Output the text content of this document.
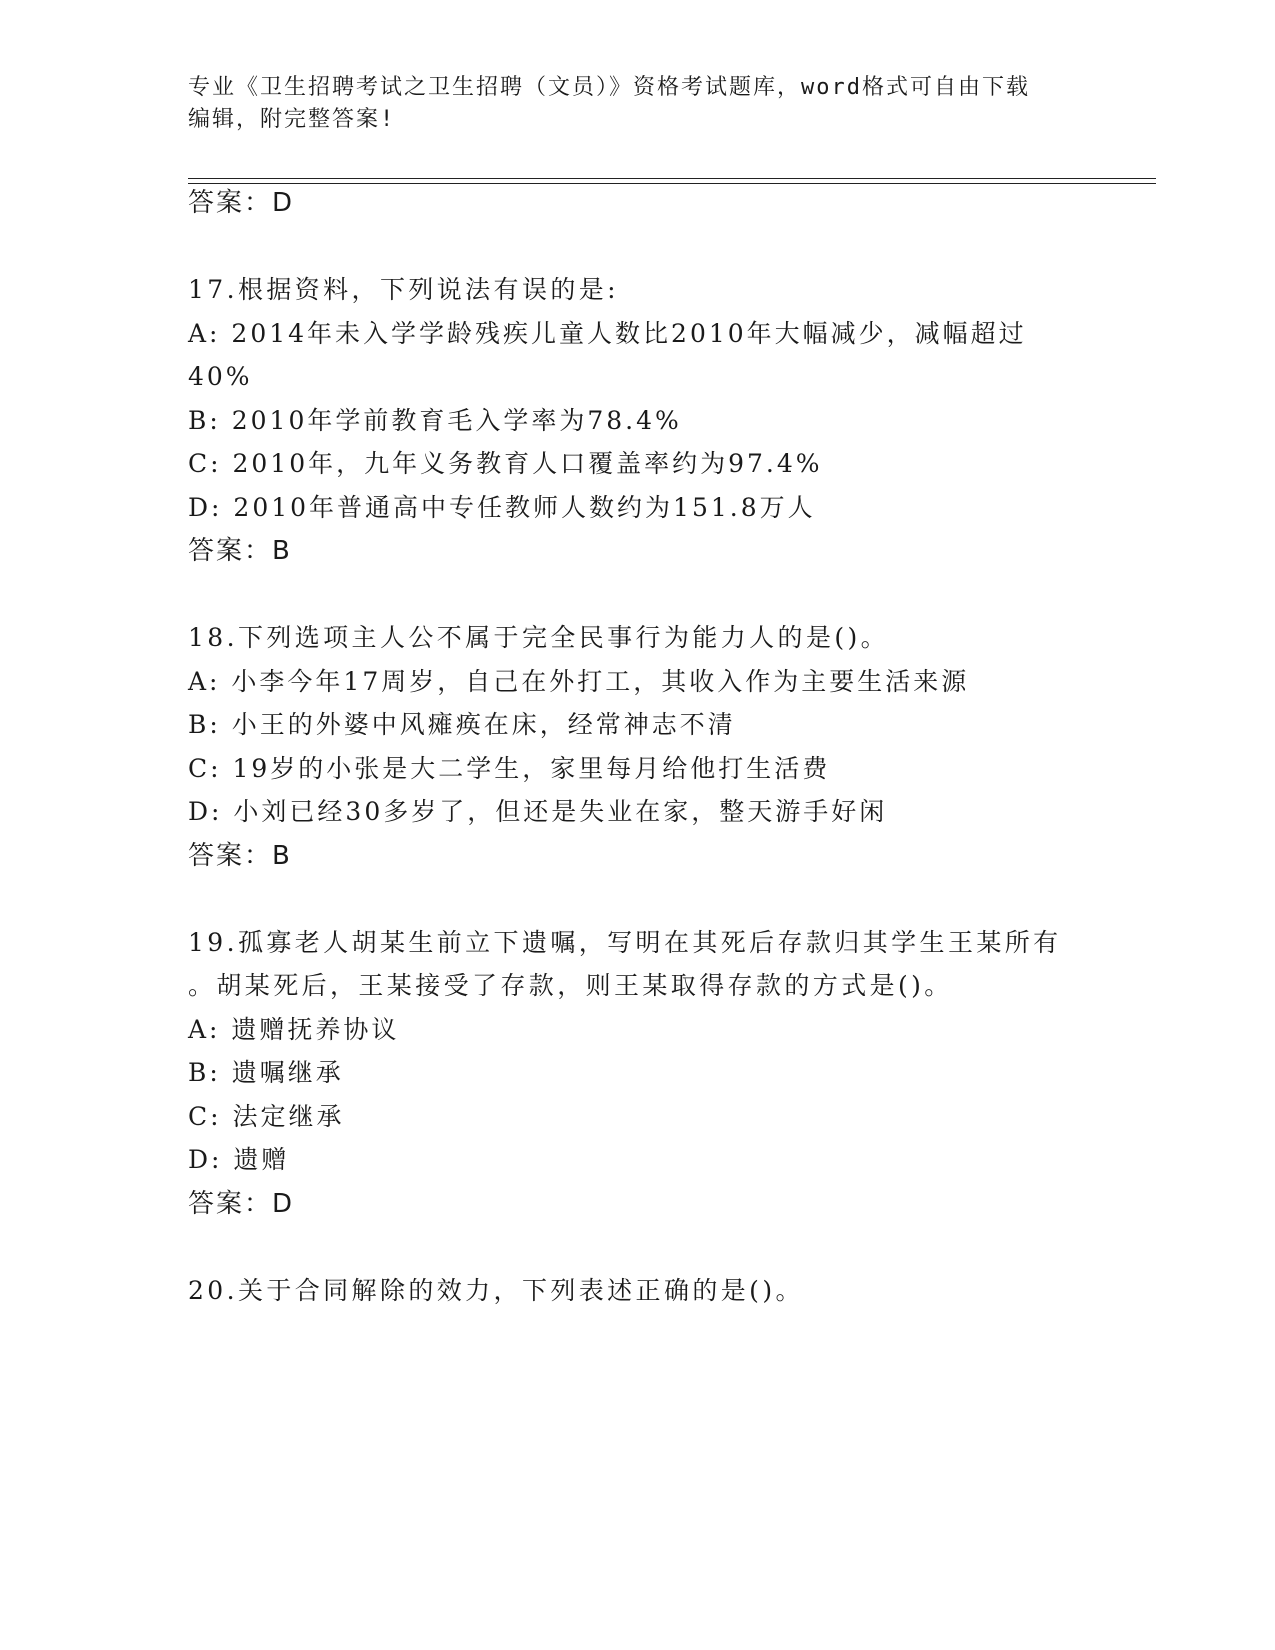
专业《卫生招聘考试之卫生招聘（文员）》资格考试题库，word格式可自由下载
编辑，附完整答案!
答案：D
17.根据资料，下列说法有误的是:
A: 2014年未入学学龄残疾儿童人数比2010年大幅减少，减幅超过
40%
B: 2010年学前教育毛入学率为78.4%
C: 2010年，九年义务教育人口覆盖率约为97.4%
D: 2010年普通高中专任教师人数约为151.8万人
答案：B
18.下列选项主人公不属于完全民事行为能力人的是()。
A: 小李今年17周岁，自己在外打工，其收入作为主要生活来源
B: 小王的外婆中风瘫痪在床，经常神志不清
C: 19岁的小张是大二学生，家里每月给他打生活费
D: 小刘已经30多岁了，但还是失业在家，整天游手好闲
答案：B
19.孤寡老人胡某生前立下遗嘱，写明在其死后存款归其学生王某所有
。胡某死后，王某接受了存款，则王某取得存款的方式是()。
A: 遗赠抚养协议
B: 遗嘱继承
C: 法定继承
D: 遗赠
答案：D
20.关于合同解除的效力，下列表述正确的是()。
